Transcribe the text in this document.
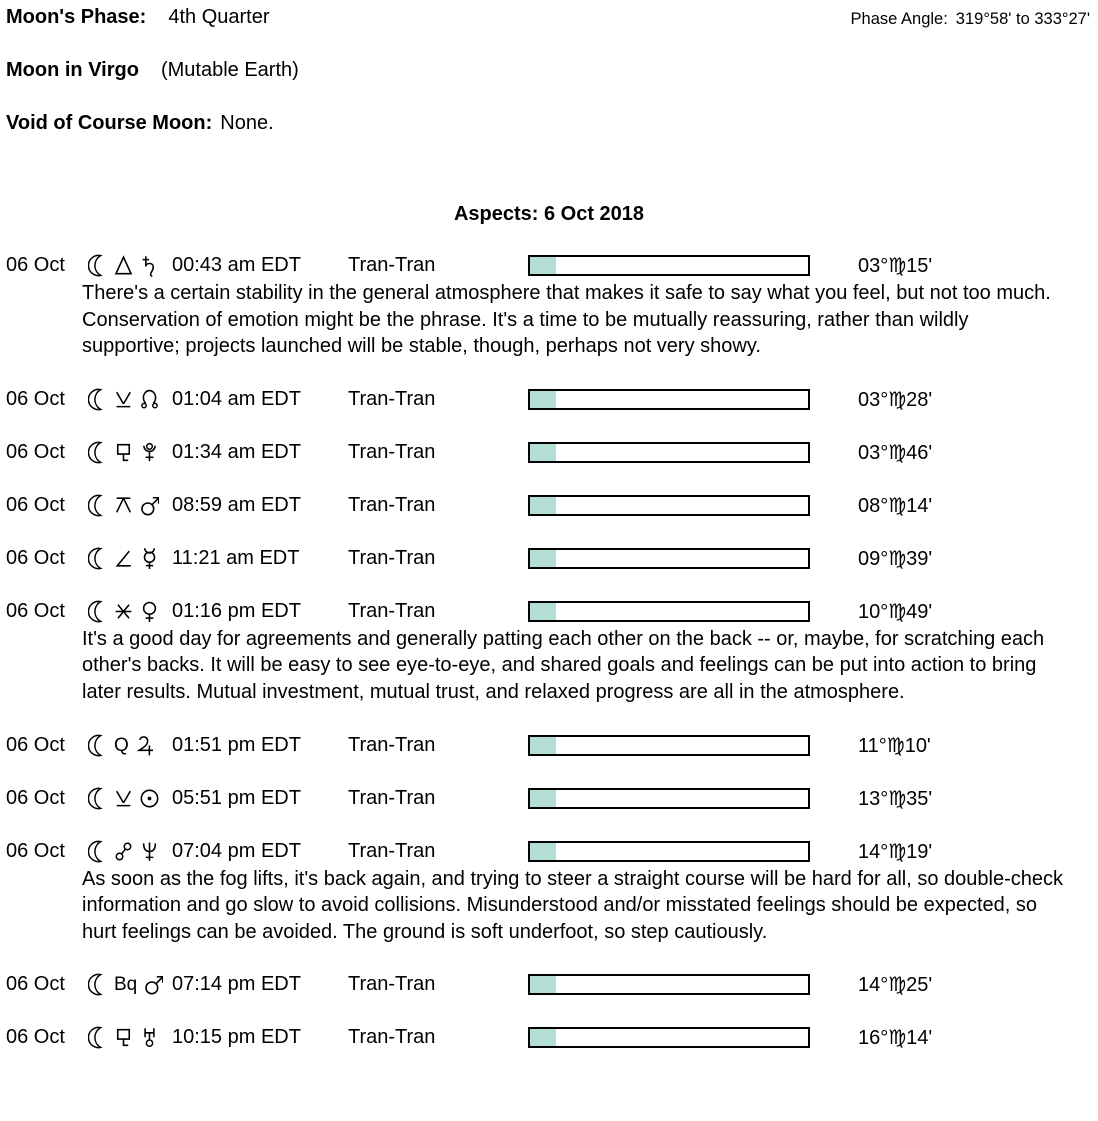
Moon's Phase: 4th Quarter	Phase Angle: 319°58' to 333°27'
Moon in Virgo (Mutable Earth)
Void of Course Moon: None.
Aspects: 6 Oct 2018
06 Oct	00:43 am EDT	Tran-Tran	03°♍15'
There's a certain stability in the general atmosphere that makes it safe to say what you feel, but not too much. Conservation of emotion might be the phrase. It's a time to be mutually reassuring, rather than wildly supportive; projects launched will be stable, though, perhaps not very showy.
06 Oct	01:04 am EDT	Tran-Tran	03°♍28'
06 Oct	01:34 am EDT	Tran-Tran	03°♍46'
06 Oct	08:59 am EDT	Tran-Tran	08°♍14'
06 Oct	11:21 am EDT	Tran-Tran	09°♍39'
06 Oct	01:16 pm EDT	Tran-Tran	10°♍49'
It's a good day for agreements and generally patting each other on the back -- or, maybe, for scratching each other's backs. It will be easy to see eye-to-eye, and shared goals and feelings can be put into action to bring later results. Mutual investment, mutual trust, and relaxed progress are all in the atmosphere.
06 Oct	Q 01:51 pm EDT	Tran-Tran	11°♍10'
06 Oct	05:51 pm EDT	Tran-Tran	13°♍35'
06 Oct	07:04 pm EDT	Tran-Tran	14°♍19'
As soon as the fog lifts, it's back again, and trying to steer a straight course will be hard for all, so double-check information and go slow to avoid collisions. Misunderstood and/or misstated feelings should be expected, so hurt feelings can be avoided. The ground is soft underfoot, so step cautiously.
06 Oct	Bq 07:14 pm EDT	Tran-Tran	14°♍25'
06 Oct	10:15 pm EDT	Tran-Tran	16°♍14'
